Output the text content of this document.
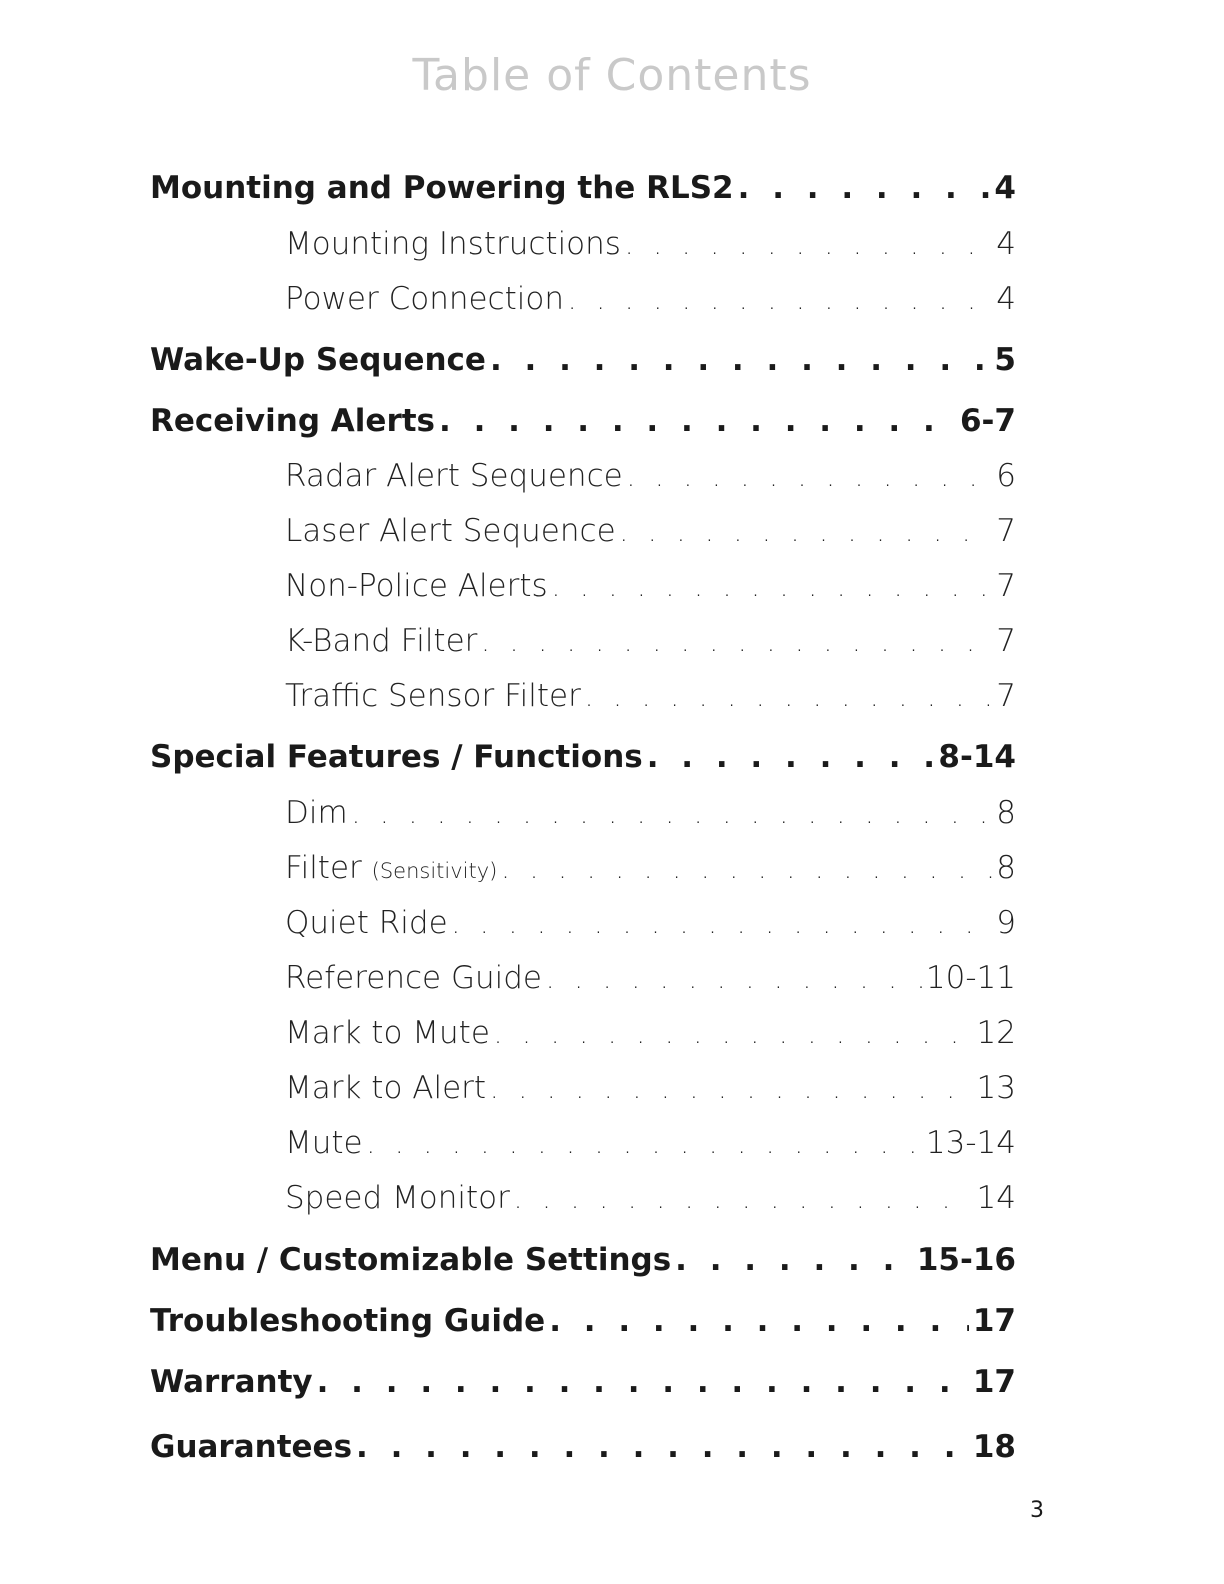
Table of Contents
Mounting and Powering the RLS2 . . .	4
Mounting Instructions . . .	4
Power Connection . . .	4
Wake-Up Sequence . . .	5
Receiving Alerts . . .	6-7
Radar Alert Sequence . . .	6
Laser Alert Sequence . . .	7
Non-Police Alerts . . .	7
K-Band Filter . . .	7
Traffic Sensor Filter . . .	7
Special Features / Functions . . .	8-14
Dim . . .	8
Filter (Sensitivity) . . .	8
Quiet Ride . . .	9
Reference Guide . . .	10-11
Mark to Mute . . .	12
Mark to Alert . . .	13
Mute . . .	13-14
Speed Monitor . . .	14
Menu / Customizable Settings . . .	15-16
Troubleshooting Guide . . .	17
Warranty . . .	17
Guarantees . . .	18
3
